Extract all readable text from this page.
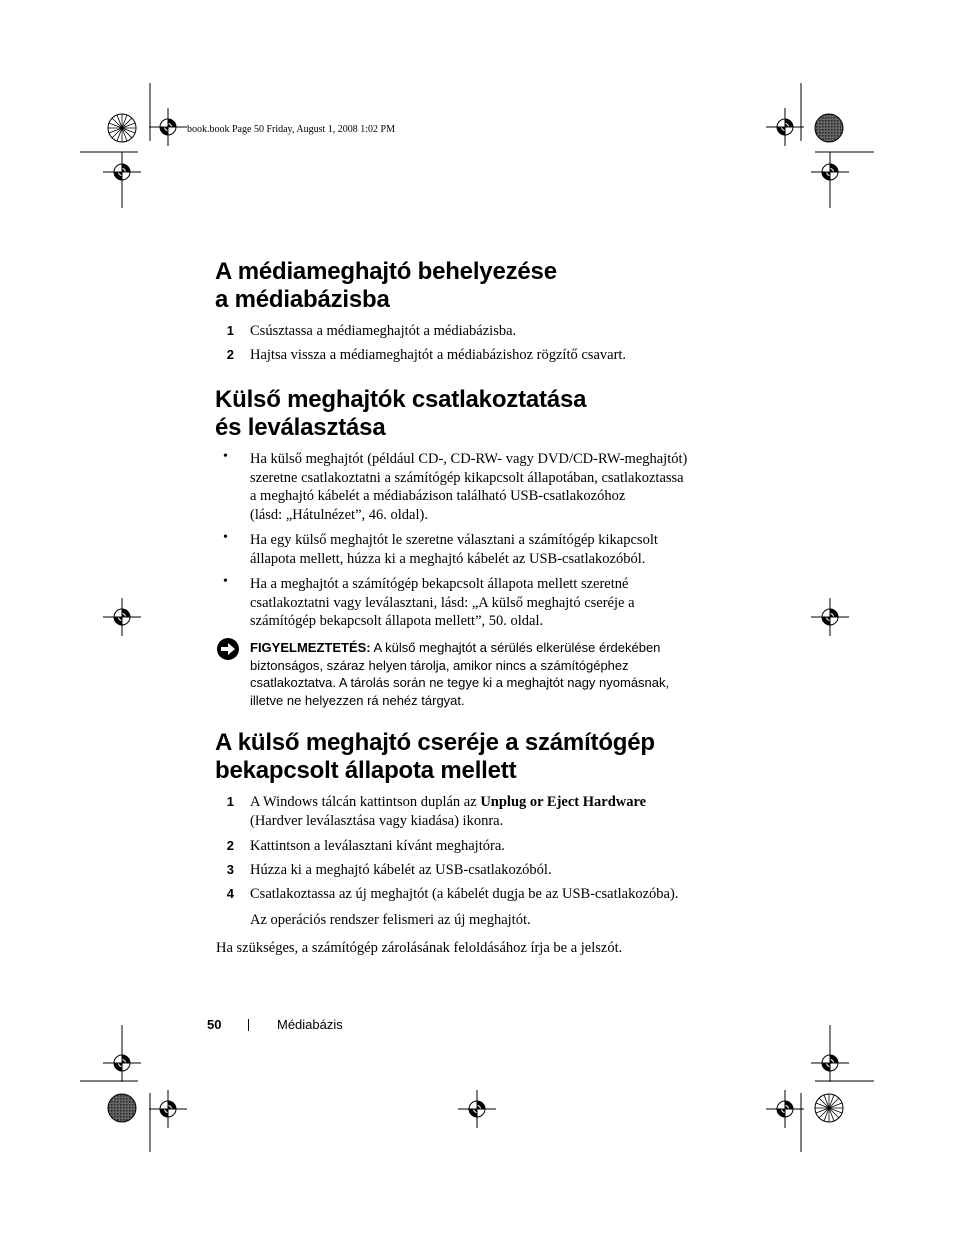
book.book Page 50 Friday, August 1, 2008 1:02 PM
A médiameghajtó behelyezése
a médiabázisba
1 Csúsztassa a médiameghajtót a médiabázisba.
2 Hajtsa vissza a médiameghajtót a médiabázishoz rögzítő csavart.
Külső meghajtók csatlakoztatása
és leválasztása
• Ha külső meghajtót (például CD-, CD-RW- vagy DVD/CD-RW-meghajtót)
szeretne csatlakoztatni a számítógép kikapcsolt állapotában, csatlakoztassa
a meghajtó kábelét a médiabázison található USB-csatlakozóhoz
(lásd: „Hátulnézet”, 46. oldal).
• Ha egy külső meghajtót le szeretne választani a számítógép kikapcsolt
állapota mellett, húzza ki a meghajtó kábelét az USB-csatlakozóból.
• Ha a meghajtót a számítógép bekapcsolt állapota mellett szeretné
csatlakoztatni vagy leválasztani, lásd: „A külső meghajtó cseréje a
számítógép bekapcsolt állapota mellett”, 50. oldal.
FIGYELMEZTETÉS: A külső meghajtót a sérülés elkerülése érdekében
biztonságos, száraz helyen tárolja, amikor nincs a számítógéphez
csatlakoztatva. A tárolás során ne tegye ki a meghajtót nagy nyomásnak,
illetve ne helyezzen rá nehéz tárgyat.
A külső meghajtó cseréje a számítógép
bekapcsolt állapota mellett
1 A Windows tálcán kattintson duplán az Unplug or Eject Hardware
(Hardver leválasztása vagy kiadása) ikonra.
2 Kattintson a leválasztani kívánt meghajtóra.
3 Húzza ki a meghajtó kábelét az USB-csatlakozóból.
4 Csatlakoztassa az új meghajtót (a kábelét dugja be az USB-csatlakozóba).
Az operációs rendszer felismeri az új meghajtót.
Ha szükséges, a számítógép zárolásának feloldásához írja be a jelszót.
50	Médiabázis
